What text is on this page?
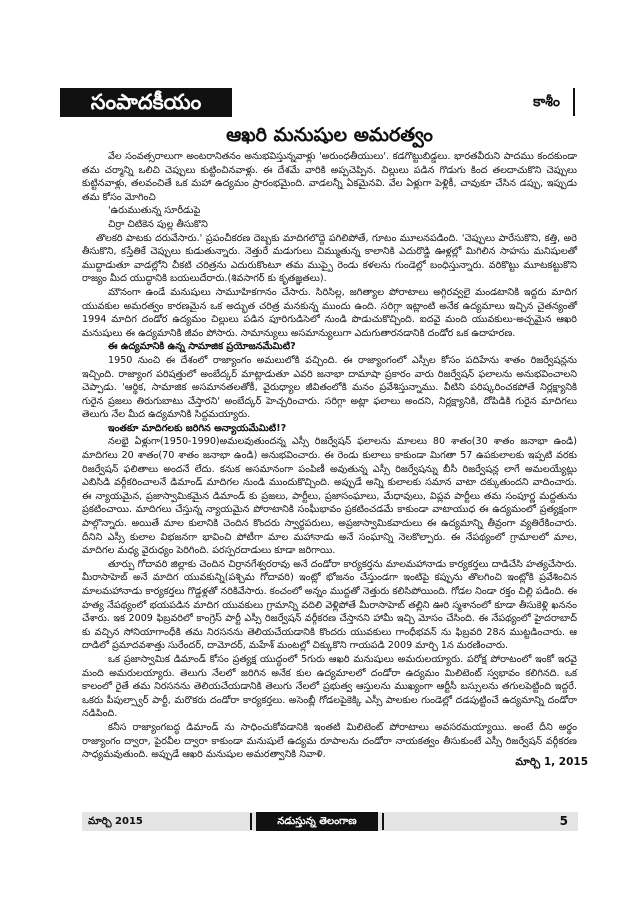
సంపాదకీయం	కాశీం
ఆఖరి మనుషుల అమరత్వం

వేల సంవత్సరాలుగా అంటరానితనం అనుభవిస్తున్నవాళ్లు 'అరుంధతీయులు'. కడగొట్టుబిడ్డలు. భారతవీరుని పాదము కందకుండా తమ చర్మాన్ని ఒలిచి చెప్పులు కుట్టించినవాళ్లు. ఈ దేశమే వారికి అప్పచెప్పిన. చిల్లులు పడిన గొడుగు కింద తలదాచుకొని చెప్పులు కుట్టినవాళ్లు, తలవంచితే ఒక మహా ఉద్యమం ప్రారంభమైంది. వాడలన్నీ ఏకమైనవి. వేల ఏళ్లుగా పెళ్లికీ, చావుకూ చేసిన డప్పు, ఇప్పుడు తమ కోసం మోగించి

'ఉరుముతున్న సూరీడుపై
చిర్రా చిటికెన పుల్ల తీసుకొని

తొలకరి పాటకు దరువేసారు.' ప్రపంచీకరణ దెబ్బకు మాదిగలొద్దె పగిలిపోతే, గూటం మూలనపడింది. 'చెప్పులు పారేసుకొని, కత్తి, అరె తీసుకొని, కస్తేతికే చెప్పులు కుడుతున్నారు. నెత్తురే మడుగులు చిమ్ముతున్న కాలానికి ఎదురొడ్డి ఊళ్లల్లో మిగిలిన సాహసు మనిషులతో ముద్దాడుతూ వాడల్లోని చీకటి చరిత్రను ఎదురుకొంటూ తమ ముప్పై రెండు కళలను గుండెల్లో బంధిస్తున్నారు. వరికొట్టు మూటకట్టుకొని రాజ్యం మీద యుద్ధానికి బయలుదేరారు.(శివసాగర్ కు కృతజ్ఞతలు).

మౌనంగా ఉండే మనుషులు సామూహికగానం చేసారు. సిరిసిల్ల, జగిత్యాల పోరాటాలు అగ్గిరవ్వలై మండటానికి ఇద్దరు మాదిగ యువకుల అమరత్వం కారణమైన ఒక అద్భుత చరిత్ర మనకున్న ముందు ఉంది. సరిగ్గా ఇట్లాంటి అనేక ఉద్యమాలు ఇచ్చిన చైతన్యంతో 1994 మాదిగ దండోర ఉద్యమం చిల్లులు పడిన పూరిగుడిసెలో నుండి పొడుచుకొచ్చింది. ఐదవై మంది యువకులు-అచ్చమైన ఆఖరి మనుషులు ఈ ఉద్యమానికి జీవం పోసారు. సామాన్యులు అసమాన్యులుగా ఎదుగుతారనడానికి దండోర ఒక ఉదాహరణ.

ఈ ఉద్యమానికి ఉన్న సామాజిక ప్రయోజనమేమిటి?

1950 నుంచి ఈ దేశంలో రాజ్యాంగం అమలులోకి వచ్చింది. ఈ రాజ్యాంగంలో ఎస్సీల కోసం పదిహేను శాతం రిజర్వేషన్లను ఇచ్చింది. రాజ్యాంగ పరిషత్తులో అంబేద్కర్ మాట్లాడుతూ ఎవరి జనాభా దామాషా ప్రకారం వారు రిజర్వేషన్ ఫలాలను అనుభవించాలని చెప్పాడు. 'ఆర్థిక, సామాజిక అసమానతలతోకీ, వైరుధ్యాల జీవితంలోకి మనం ప్రవేశిస్తున్నాము. వీటిని పరిష్కరించకపోతే నిర్లక్ష్యానికి గురైన ప్రజలు తిరుగుబాటు చేస్తారని' అంబేద్కర్ హెచ్చరించారు. సరిగ్గా అట్లా ఫలాలు అందని, నిర్లక్ష్యానికి, దోపిడికి గురైన మాదిగలు తెలుగు నేల మీద ఉద్యమానికి సిద్దమయ్యారు.

ఇంతకూ మాదిగలకు జరిగిన అన్యాయమేమిటి!?

నలభై ఏళ్లుగా(1950-1990)అమలవుతుందన్న ఎస్సీ రిజర్వేషన్ ఫలాలను మాలలు 80 శాతం(30 శాతం జనాభా ఉండి) మాదిగలు 20 శాతం(70 శాతం జనాభా ఉండి) అనుభవించారు. ఈ రెండు కులాలు కాకుండా మిగతా 57 ఉపకులాలకు ఇప్పటి వరకు రిజర్వేషన్ ఫలితాలు అందనే లేదు. కనుక అసమానంగా పంపిణీ అవుతున్న ఎస్సీ రిజర్వేషన్ను బీసీ రిజర్వేషన్ల లాగే అమలయ్యేట్లు ఎబిసిడి వర్గీకరించాలనే డిమాండ్ మాదిగల నుండి ముందుకొచ్చింది. అప్పుడే అన్ని కులాలకు సమాన వాటా దక్కుతుందని వాదించారు. ఈ న్యాయమైన, ప్రజాస్వామికమైన డిమాండ్ కు ప్రజలు, పార్టీలు, ప్రజాసంఘాలు, మేధావులు, విప్లవ పార్టీలు తమ సంపూర్ణ మద్దతును ప్రకటించాయి. మాదిగలు చేస్తున్న న్యాయమైన పోరాటానికి సంఘీభావం ప్రకటించడమే కాకుండా వాటాయుధ ఈ ఉద్యమంలో ప్రత్యక్షంగా పాల్గొన్నారు. అయితే మాల కులానికి చెందిన కొందరు స్వార్థపరులు, అప్రజాస్వామికవాదులు ఈ ఉద్యమాన్ని తీవ్రంగా వ్యతిరేకించారు. దీనిని ఎస్సీ కులాల విభజనగా భావించి పోటీగా మాల మహానాడు అనే సంఘాన్ని నెలకొల్పారు. ఈ నేపథ్యంలో గ్రామాలలో మాల, మాదిగల మధ్య వైరుధ్యం పెరిగింది. పరస్పరదాడులు కూడా జరిగాయి.

తూర్పు గోదావరి జిల్లాకు చెందిన చిర్రానగేశ్వరరావు అనే దండోరా కార్యకర్తను మాలమహానాడు కార్యకర్తలు దాడిచేసి హత్యచేసారు. మీరాసాహెబ్ అనే మాదిగ యువకున్ని(పశ్చిమ గోదావరి) ఇంట్లో భోజనం చేస్తుండగా ఇంటిపై కప్పును తొలగించి ఇంట్లోకి ప్రవేశించిన మాలమహానాడు కార్యకర్తలు గొడ్డళ్లతో నరికివేసారు. కంచంలో అన్నం ముద్దతో నెత్తురు కలిసిపోయింది. గోడల నిండా రక్తం చిల్లి పడింది. ఈ హత్య నేపథ్యంలో భయపడిన మాదిగ యువకులు గ్రామాన్ని వదిలి వెళ్లిపోతే మీరాసాహెబ్ తల్లిని ఊరి స్మశానంలో కూడా తీసుకెళ్లి ఖననం చేశారు. ఇక 2009 ఫిబ్రవరిలో కాంగ్రెస్ పార్టీ ఎస్సీ రిజర్వేషన్ వర్గీకరణ చేస్తానని హామీ ఇచ్చి మోసం చేసింది. ఈ నేపథ్యంలో హైదరాబాద్ కు వచ్చిన సోనియాగాంధీకి తమ నిరసనను తెలియచేయడానికి కొందరు యువకులు గాంధీభవన్ ను ఫిబ్రవరి 28న ముట్టడించారు. ఆ దాడిలో ప్రమాదవశాత్తు సురేందర్, దామోదర్, మహేశ్ మంటల్లో చిక్కుకొని గాయపడి 2009 మార్చి 1న మరణించారు.

ఒక ప్రజాస్వామిక డిమాండ్ కోసం ప్రత్యక్ష యుద్ధంలో 5గురు ఆఖరి మనుషులు అమరులయ్యారు. పరోక్ష పోరాటంలో ఇంకో ఇరవై మంది అమరులయ్యారు. తెలుగు నేలలో జరిగిన అనేక కుల ఉద్యమాలలో దండోరా ఉద్యమం మిలిటెంట్ స్వభావం కలిగినది. ఒక కాలంలో రైతే తమ నిరసనను తెలియచేయడానికి తెలుగు నేలలో ప్రభుత్వ ఆస్తులను ముఖ్యంగా ఆర్టీసీ బస్సులను తగులపెట్టింది ఇద్దరే. ఒకరు పీపుల్స్వార్ పార్టీ, మరొకరు దండోరా కార్యకర్తలు. అసెంబ్లీ గోడలపైకెక్కి ఎస్సీ పాలకుల గుండెల్లో దడపుట్టించే ఉద్యమాన్ని దండోరా నడిపింది.

కనీస రాజ్యాంగబద్ధ డిమాండ్ ను సాధించుకోవడానికి ఇంతటి మిలిటెంట్ పోరాటాలు అవసరమయ్యాయి. అంటే దీని అర్థం రాజ్యాంగం ద్వారా, పైరవీల ద్వారా కాకుండా మనుషులే ఉద్యమ రూపాలను దండోరా నాయకత్వం తీసుకుంటే ఎస్సీ రిజర్వేషన్ వర్గీకరణ సాధ్యమవుతుంది. అప్పుడే ఆఖరి మనుషుల అమరత్వానికి నివాళి.

మార్చి 1, 2015
మార్చి 2015	నడుస్తున్న తెలంగాణ	5
